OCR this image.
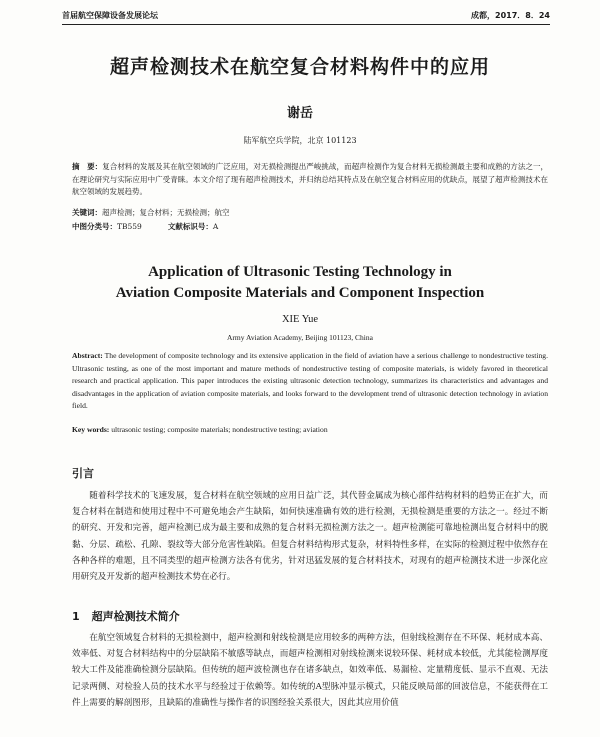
首届航空保障设备发展论坛	成都，2017．8．24
超声检测技术在航空复合材料构件中的应用
谢岳
陆军航空兵学院，北京 101123
摘　要：复合材料的发展及其在航空领域的广泛应用，对无损检测提出严峻挑战，而超声检测作为复合材料无损检测最主要和成熟的方法之一，在理论研究与实际应用中广受青睐。本文介绍了现有超声检测技术，并归纳总结其特点及在航空复合材料应用的优缺点，展望了超声检测技术在航空领域的发展趋势。
关键词：超声检测；复合材料；无损检测；航空
中图分类号：TB559	文献标识号：A
Application of Ultrasonic Testing Technology in
Aviation Composite Materials and Component Inspection
XIE Yue
Army Aviation Academy, Beijing 101123, China
Abstract: The development of composite technology and its extensive application in the field of aviation have a serious challenge to nondestructive testing. Ultrasonic testing, as one of the most important and mature methods of nondestructive testing of composite materials, is widely favored in theoretical research and practical application. This paper introduces the existing ultrasonic detection technology, summarizes its characteristics and advantages and disadvantages in the application of aviation composite materials, and looks forward to the development trend of ultrasonic detection technology in aviation field.
Key words: ultrasonic testing; composite materials; nondestructive testing; aviation
引言
随着科学技术的飞速发展，复合材料在航空领域的应用日益广泛，其代替金属成为核心部件结构材料的趋势正在扩大，而复合材料在制造和使用过程中不可避免地会产生缺陷，如何快速准确有效的进行检测，无损检测是重要的方法之一。经过不断的研究、开发和完善，超声检测已成为最主要和成熟的复合材料无损检测方法之一。超声检测能可靠地检测出复合材料中的脱黏、分层、疏松、孔隙、裂纹等大部分危害性缺陷。但复合材料结构形式复杂，材料特性多样，在实际的检测过程中依然存在各种各样的难题，且不同类型的超声检测方法各有优劣，针对迅猛发展的复合材料技术，对现有的超声检测技术进一步深化应用研究及开发新的超声检测技术势在必行。
1 超声检测技术简介
在航空领域复合材料的无损检测中，超声检测和射线检测是应用较多的两种方法，但射线检测存在不环保、耗材成本高、效率低、对复合材料结构中的分层缺陷不敏感等缺点，而超声检测相对射线检测来说较环保、耗材成本较低，尤其能检测厚度较大工件及能准确检测分层缺陷。但传统的超声波检测也存在诸多缺点，如效率低、易漏检、定量精度低、显示不直观、无法记录两侧、对检验人员的技术水平与经验过于依赖等。如传统的A型脉冲显示模式，只能反映局部的回波信息，不能获得在工件上需要的解剖图形，且缺陷的准确性与操作者的识图经验关系很大，因此其应用价值
